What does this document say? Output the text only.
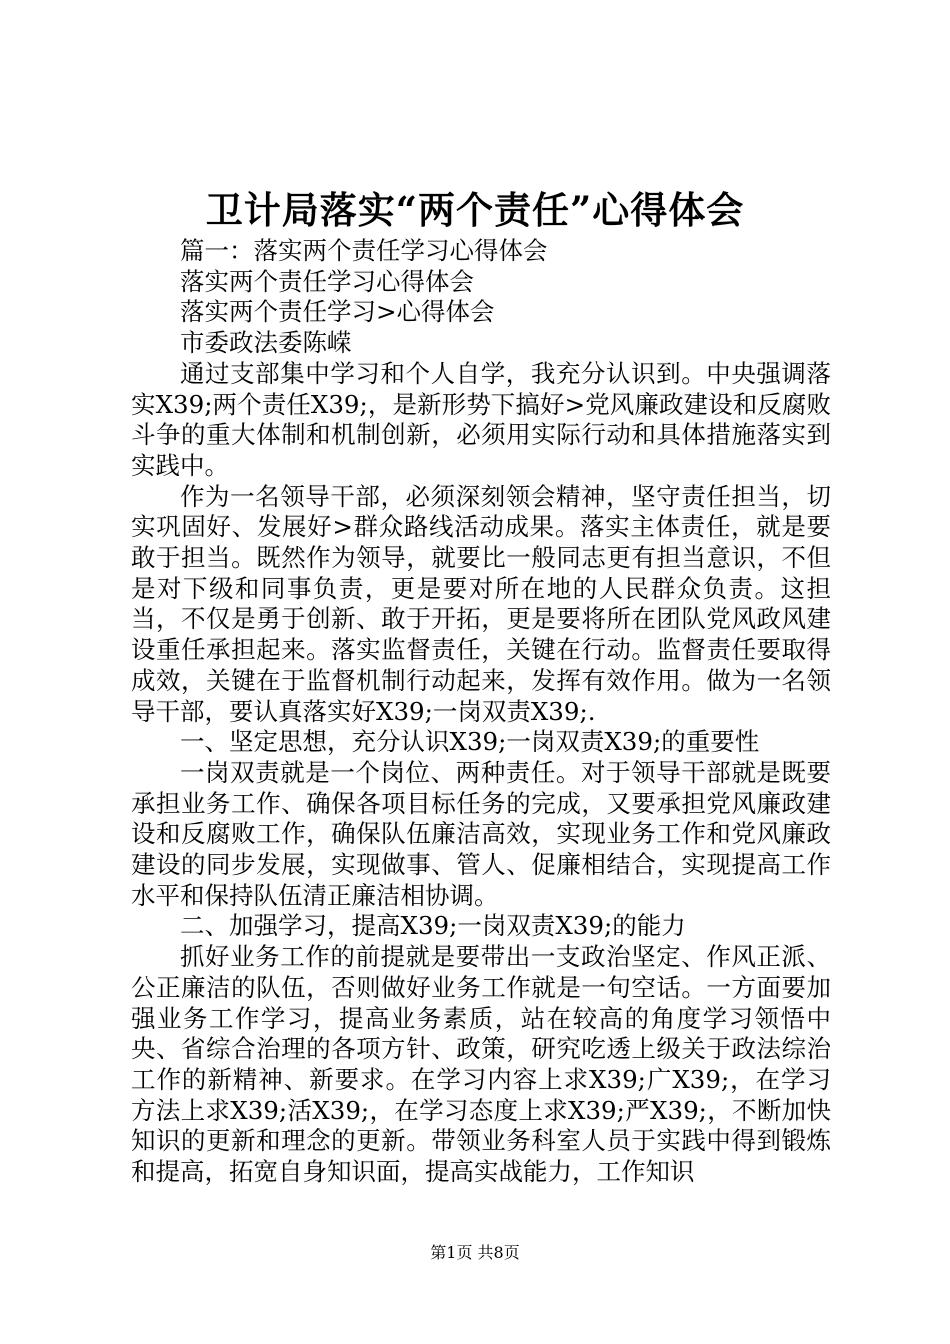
卫计局落实“两个责任”心得体会

篇一：落实两个责任学习心得体会

落实两个责任学习心得体会

落实两个责任学习>心得体会

市委政法委陈嵘

通过支部集中学习和个人自学，我充分认识到。中央强调落实X39;两个责任X39;，是新形势下搞好>党风廉政建设和反腐败斗争的重大体制和机制创新，必须用实际行动和具体措施落实到实践中。

作为一名领导干部，必须深刻领会精神，坚守责任担当，切实巩固好、发展好>群众路线活动成果。落实主体责任，就是要敢于担当。既然作为领导，就要比一般同志更有担当意识，不但是对下级和同事负责，更是要对所在地的人民群众负责。这担当，不仅是勇于创新、敢于开拓，更是要将所在团队党风政风建设重任承担起来。落实监督责任，关键在行动。监督责任要取得成效，关键在于监督机制行动起来，发挥有效作用。做为一名领导干部，要认真落实好X39;一岗双责X39;.

一、坚定思想，充分认识X39;一岗双责X39;的重要性

一岗双责就是一个岗位、两种责任。对于领导干部就是既要承担业务工作、确保各项目标任务的完成，又要承担党风廉政建设和反腐败工作，确保队伍廉洁高效，实现业务工作和党风廉政建设的同步发展，实现做事、管人、促廉相结合，实现提高工作水平和保持队伍清正廉洁相协调。

二、加强学习，提高X39;一岗双责X39;的能力

抓好业务工作的前提就是要带出一支政治坚定、作风正派、公正廉洁的队伍，否则做好业务工作就是一句空话。一方面要加强业务工作学习，提高业务素质，站在较高的角度学习领悟中央、省综合治理的各项方针、政策，研究吃透上级关于政法综治工作的新精神、新要求。在学习内容上求X39;广X39;，在学习方法上求X39;活X39;，在学习态度上求X39;严X39;，不断加快知识的更新和理念的更新。带领业务科室人员于实践中得到锻炼和提高，拓宽自身知识面，提高实战能力，工作知识

第1页 共8页
